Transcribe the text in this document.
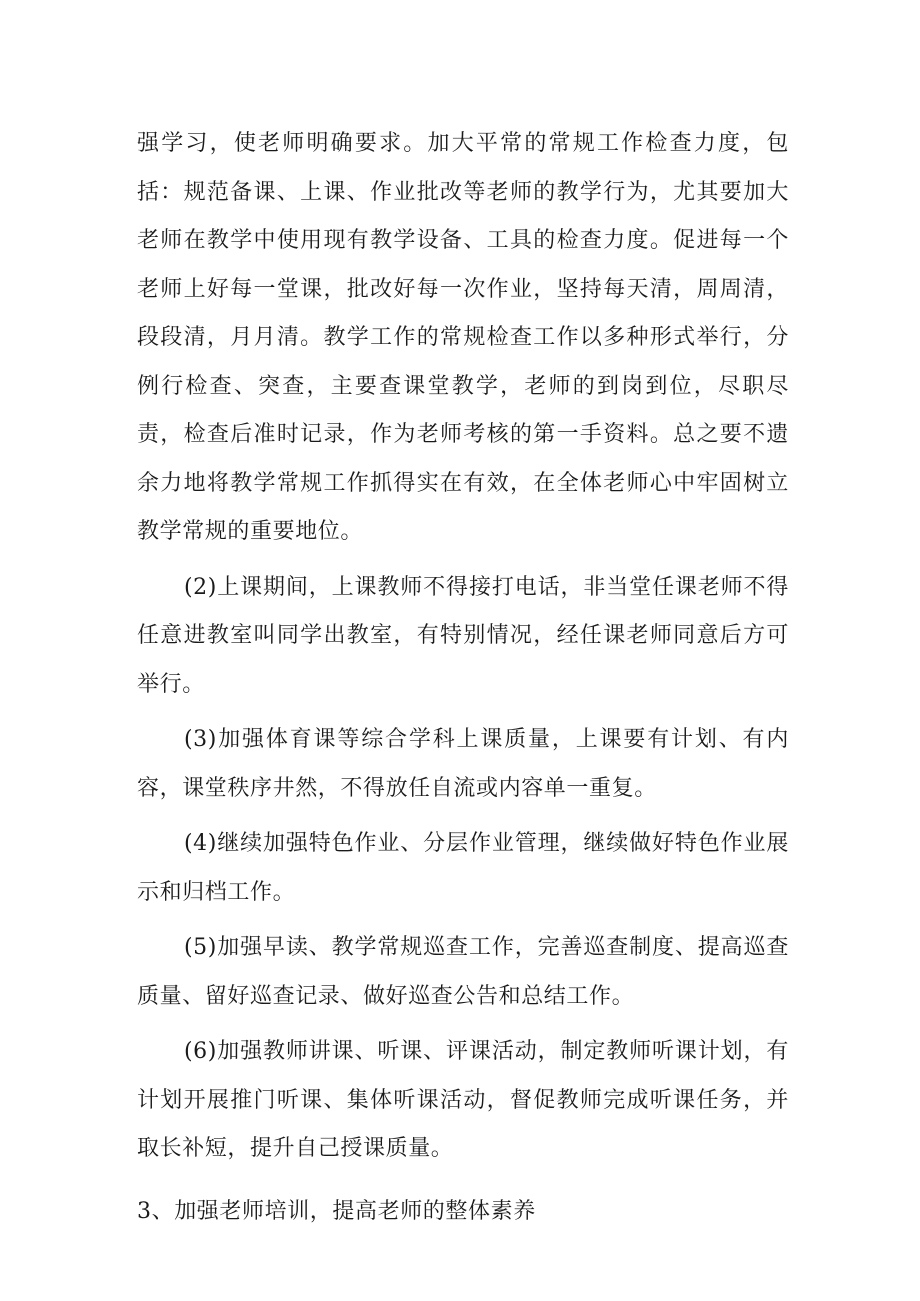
强学习，使老师明确要求。加大平常的常规工作检查力度，包括：规范备课、上课、作业批改等老师的教学行为，尤其要加大老师在教学中使用现有教学设备、工具的检查力度。促进每一个老师上好每一堂课，批改好每一次作业，坚持每天清，周周清，段段清，月月清。教学工作的常规检查工作以多种形式举行，分例行检查、突查，主要查课堂教学，老师的到岗到位，尽职尽责，检查后准时记录，作为老师考核的第一手资料。总之要不遗余力地将教学常规工作抓得实在有效，在全体老师心中牢固树立教学常规的重要地位。

(2)上课期间，上课教师不得接打电话，非当堂任课老师不得任意进教室叫同学出教室，有特别情况，经任课老师同意后方可举行。

(3)加强体育课等综合学科上课质量，上课要有计划、有内容，课堂秩序井然，不得放任自流或内容单一重复。

(4)继续加强特色作业、分层作业管理，继续做好特色作业展示和归档工作。

(5)加强早读、教学常规巡查工作，完善巡查制度、提高巡查质量、留好巡查记录、做好巡查公告和总结工作。

(6)加强教师讲课、听课、评课活动，制定教师听课计划，有计划开展推门听课、集体听课活动，督促教师完成听课任务，并取长补短，提升自己授课质量。

3、加强老师培训，提高老师的整体素养
